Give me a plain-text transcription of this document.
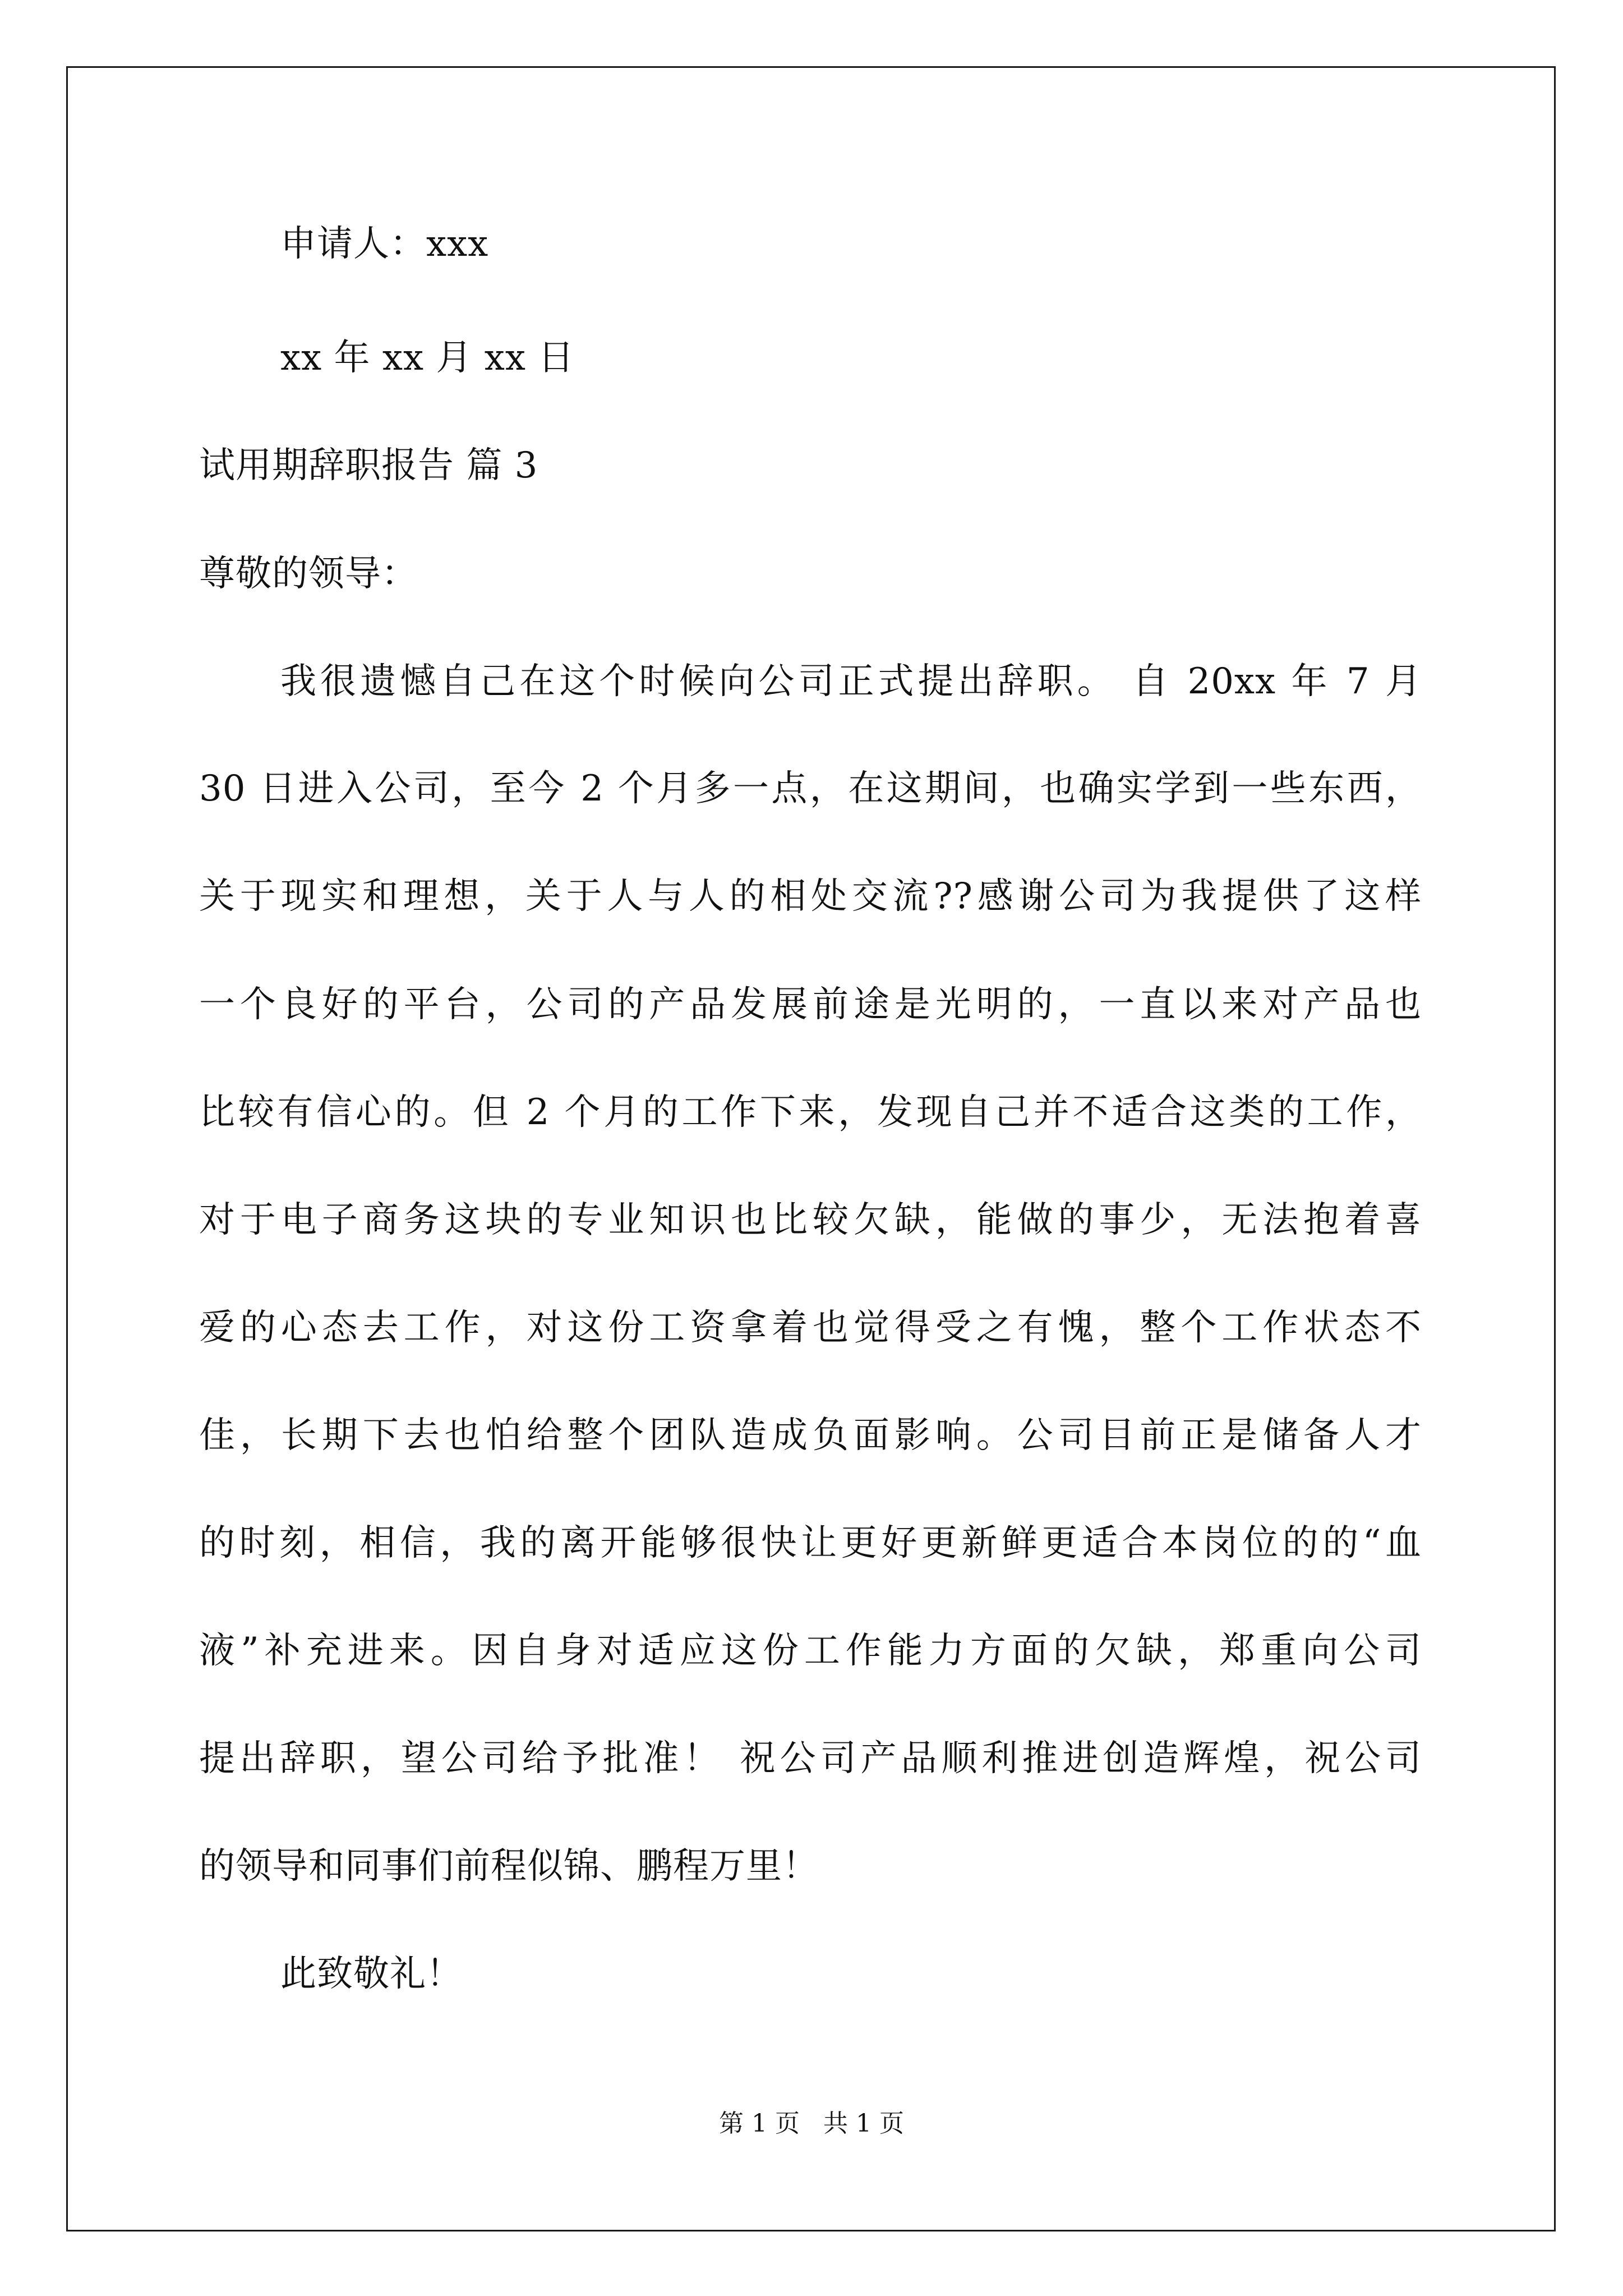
申请人：xxx
xx 年 xx 月 xx 日
试用期辞职报告 篇 3
尊敬的领导：
我很遗憾自己在这个时候向公司正式提出辞职。 自 20xx 年 7 月
30 日进入公司，至今 2 个月多一点，在这期间，也确实学到一些东西，
关于现实和理想，关于人与人的相处交流??感谢公司为我提供了这样
一个良好的平台，公司的产品发展前途是光明的，一直以来对产品也
比较有信心的。但 2 个月的工作下来，发现自己并不适合这类的工作，
对于电子商务这块的专业知识也比较欠缺，能做的事少，无法抱着喜
爱的心态去工作，对这份工资拿着也觉得受之有愧，整个工作状态不
佳，长期下去也怕给整个团队造成负面影响。公司目前正是储备人才
的时刻，相信，我的离开能够很快让更好更新鲜更适合本岗位的的“血
液”补充进来。因自身对适应这份工作能力方面的欠缺，郑重向公司
提出辞职，望公司给予批准！ 祝公司产品顺利推进创造辉煌，祝公司
的领导和同事们前程似锦、鹏程万里！
此致敬礼！
第 1 页 共 1 页
